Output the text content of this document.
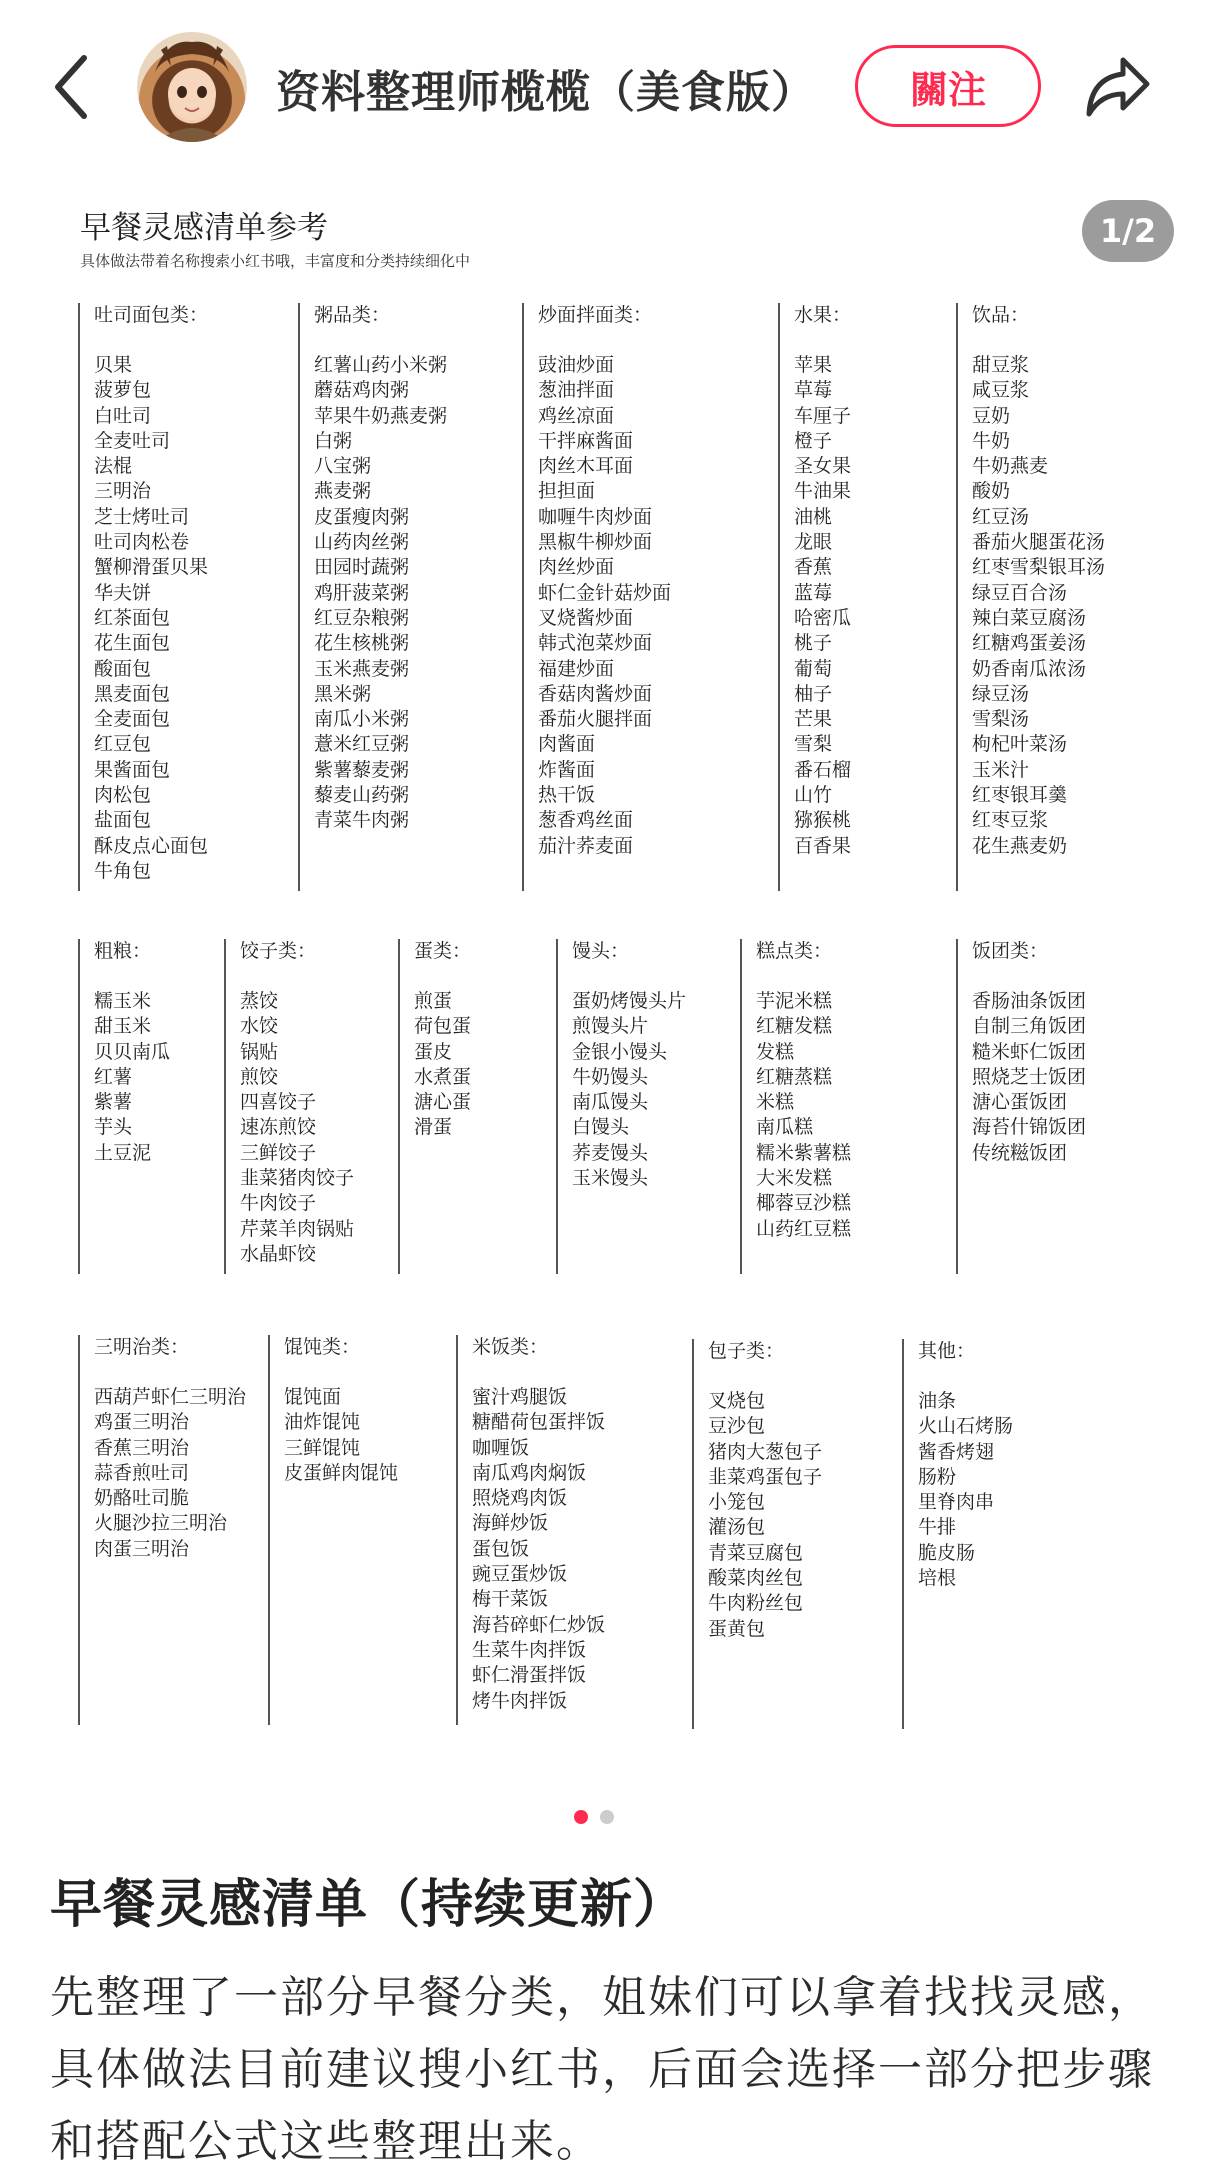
资料整理师榄榄（美食版）	關注
早餐灵感清单参考
具体做法带着名称搜索小红书哦，丰富度和分类持续细化中
1/2
吐司面包类：
贝果
菠萝包
白吐司
全麦吐司
法棍
三明治
芝士烤吐司
吐司肉松卷
蟹柳滑蛋贝果
华夫饼
红茶面包
花生面包
酸面包
黑麦面包
全麦面包
红豆包
果酱面包
肉松包
盐面包
酥皮点心面包
牛角包
粥品类：
红薯山药小米粥
蘑菇鸡肉粥
苹果牛奶燕麦粥
白粥
八宝粥
燕麦粥
皮蛋瘦肉粥
山药肉丝粥
田园时蔬粥
鸡肝菠菜粥
红豆杂粮粥
花生核桃粥
玉米燕麦粥
黑米粥
南瓜小米粥
薏米红豆粥
紫薯藜麦粥
藜麦山药粥
青菜牛肉粥
炒面拌面类：
豉油炒面
葱油拌面
鸡丝凉面
干拌麻酱面
肉丝木耳面
担担面
咖喱牛肉炒面
黑椒牛柳炒面
肉丝炒面
虾仁金针菇炒面
叉烧酱炒面
韩式泡菜炒面
福建炒面
香菇肉酱炒面
番茄火腿拌面
肉酱面
炸酱面
热干饭
葱香鸡丝面
茄汁荞麦面
水果：
苹果
草莓
车厘子
橙子
圣女果
牛油果
油桃
龙眼
香蕉
蓝莓
哈密瓜
桃子
葡萄
柚子
芒果
雪梨
番石榴
山竹
猕猴桃
百香果
饮品：
甜豆浆
咸豆浆
豆奶
牛奶
牛奶燕麦
酸奶
红豆汤
番茄火腿蛋花汤
红枣雪梨银耳汤
绿豆百合汤
辣白菜豆腐汤
红糖鸡蛋姜汤
奶香南瓜浓汤
绿豆汤
雪梨汤
枸杞叶菜汤
玉米汁
红枣银耳羹
红枣豆浆
花生燕麦奶
粗粮：
糯玉米
甜玉米
贝贝南瓜
红薯
紫薯
芋头
土豆泥
饺子类：
蒸饺
水饺
锅贴
煎饺
四喜饺子
速冻煎饺
三鲜饺子
韭菜猪肉饺子
牛肉饺子
芹菜羊肉锅贴
水晶虾饺
蛋类：
煎蛋
荷包蛋
蛋皮
水煮蛋
溏心蛋
滑蛋
馒头：
蛋奶烤馒头片
煎馒头片
金银小馒头
牛奶馒头
南瓜馒头
白馒头
荞麦馒头
玉米馒头
糕点类：
芋泥米糕
红糖发糕
发糕
红糖蒸糕
米糕
南瓜糕
糯米紫薯糕
大米发糕
椰蓉豆沙糕
山药红豆糕
饭团类：
香肠油条饭团
自制三角饭团
糙米虾仁饭团
照烧芝士饭团
溏心蛋饭团
海苔什锦饭团
传统糍饭团
三明治类：
西葫芦虾仁三明治
鸡蛋三明治
香蕉三明治
蒜香煎吐司
奶酪吐司脆
火腿沙拉三明治
肉蛋三明治
馄饨类：
馄饨面
油炸馄饨
三鲜馄饨
皮蛋鲜肉馄饨
米饭类：
蜜汁鸡腿饭
糖醋荷包蛋拌饭
咖喱饭
南瓜鸡肉焖饭
照烧鸡肉饭
海鲜炒饭
蛋包饭
豌豆蛋炒饭
梅干菜饭
海苔碎虾仁炒饭
生菜牛肉拌饭
虾仁滑蛋拌饭
烤牛肉拌饭
包子类：
叉烧包
豆沙包
猪肉大葱包子
韭菜鸡蛋包子
小笼包
灌汤包
青菜豆腐包
酸菜肉丝包
牛肉粉丝包
蛋黄包
其他：
油条
火山石烤肠
酱香烤翅
肠粉
里脊肉串
牛排
脆皮肠
培根
早餐灵感清单（持续更新）
先整理了一部分早餐分类，姐妹们可以拿着找找灵感，具体做法目前建议搜小红书，后面会选择一部分把步骤和搭配公式这些整理出来。
